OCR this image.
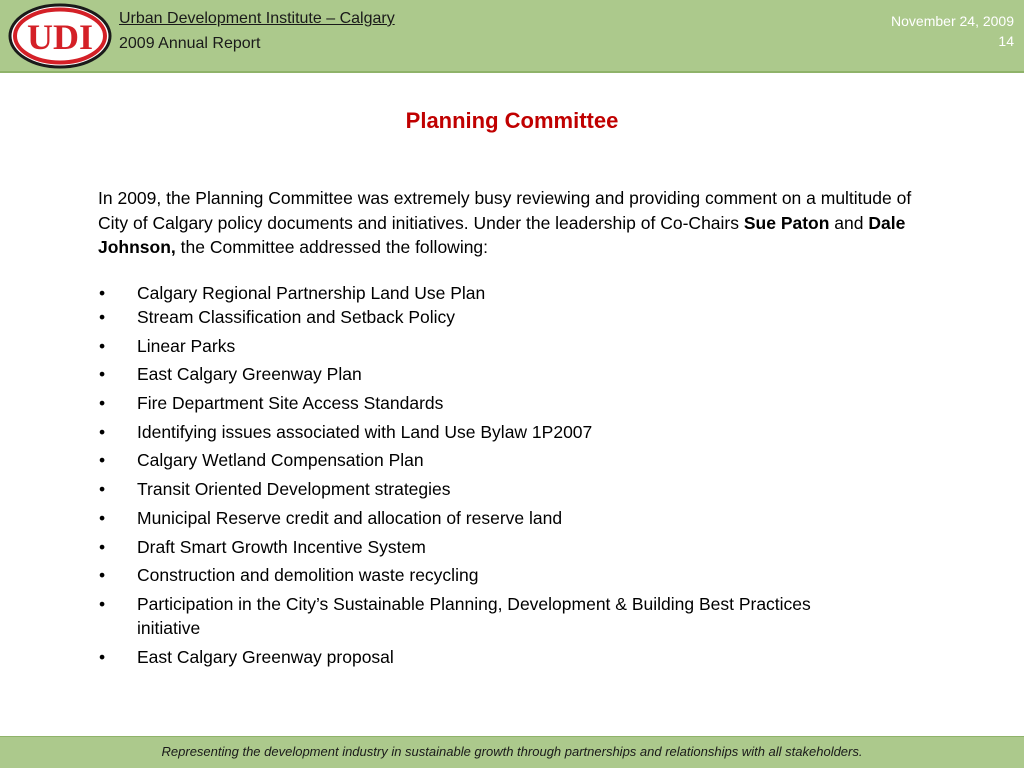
UDI Urban Development Institute – Calgary
2009 Annual Report
November 24, 2009
14
Planning Committee
In 2009, the Planning Committee was extremely busy reviewing and providing comment on a multitude of City of Calgary policy documents and initiatives. Under the leadership of Co-Chairs Sue Paton and Dale Johnson, the Committee addressed the following:
• Calgary Regional Partnership Land Use Plan
• Stream Classification and Setback Policy
• Linear Parks
• East Calgary Greenway Plan
• Fire Department Site Access Standards
• Identifying issues associated with Land Use Bylaw 1P2007
• Calgary Wetland Compensation Plan
• Transit Oriented Development strategies
• Municipal Reserve credit and allocation of reserve land
• Draft Smart Growth Incentive System
• Construction and demolition waste recycling
• Participation in the City’s Sustainable Planning, Development & Building Best Practices initiative
• East Calgary Greenway proposal
Representing the development industry in sustainable growth through partnerships and relationships with all stakeholders.
